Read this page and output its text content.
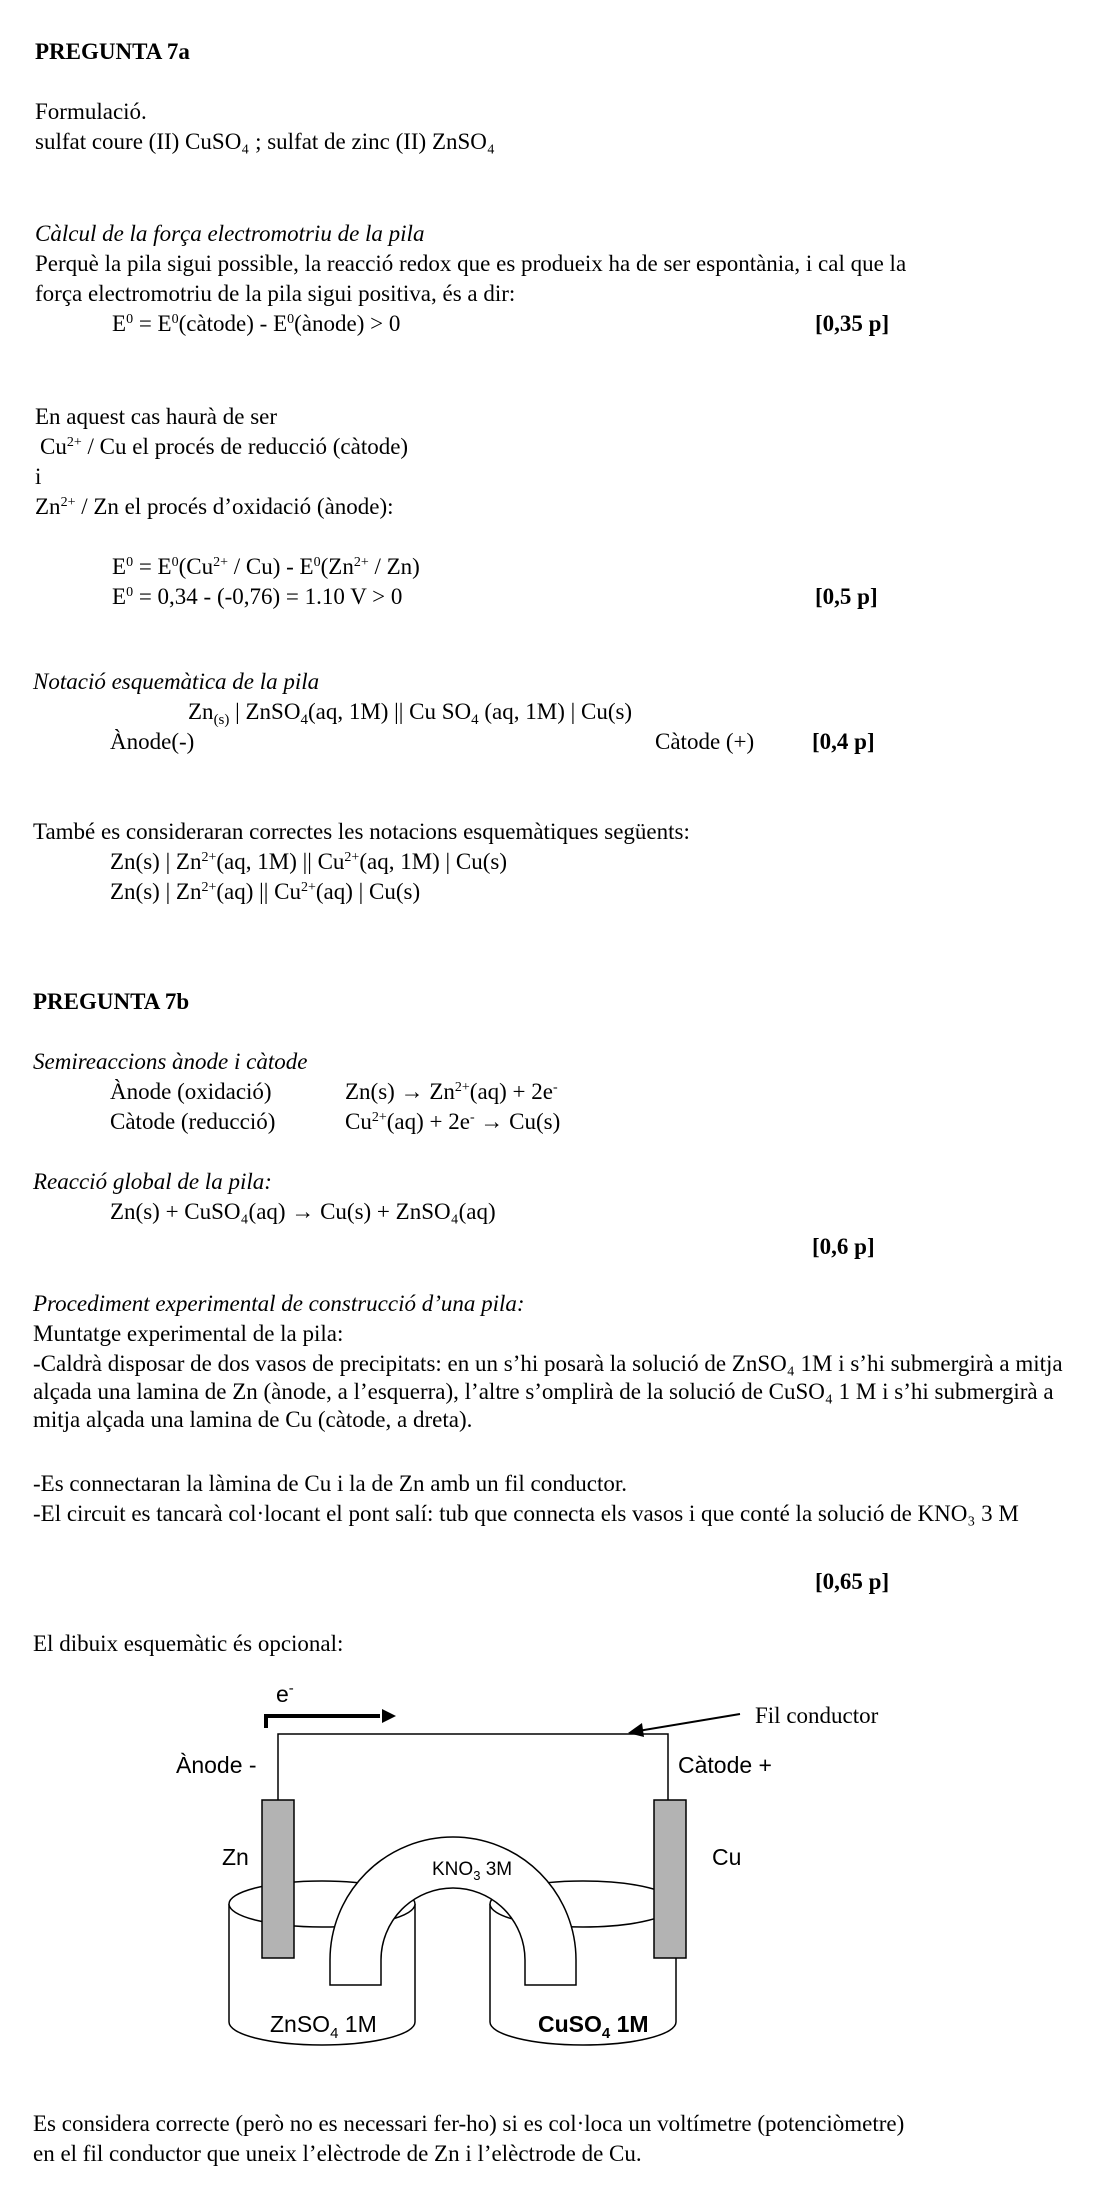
PREGUNTA 7a
Formulació.
sulfat coure (II) CuSO₄ ; sulfat de zinc (II) ZnSO₄
Càlcul de la força electromotriu de la pila
Perquè la pila sigui possible, la reacció redox que es produeix ha de ser espontània, i cal que la
força electromotriu de la pila sigui positiva, és a dir:
$E^0$ = $E^0(càtode)$ - $E^0(ànode) > 0$	[0,35 p]
En aquest cas haurà de ser
$Cu^{2+}$ / Cu el procés de reducció (càtode)
i
$Zn^{2+}$ / Zn el procés d’oxidació (ànode):
$E^0 = E^0(Cu^{2+} / Cu) - E^0(Zn^{2+} / Zn)$
$E^0 = 0,34 - (-0,76) = 1.10$ V > 0	[0,5 p]
Notació esquemàtica de la pila
$Zn_{(s)}$ | ZnSO$_4$(aq, 1M) || Cu $SO_4$ (aq, 1M) | Cu(s)
Ànode(-)	Càtode (+)	[0,4 p]
També es consideraran correctes les notacions esquemàtiques següents:
Zn(s) | $Zn^{2+}(aq$, 1M) || $Cu^{2+}(aq$, 1M) | Cu(s)
Zn(s) | $Zn^{2+}(aq)$ || $Cu^{2+}(aq)$ | Cu(s)
PREGUNTA 7b
Semireaccions ànode i càtode
Ànode (oxidació)	$Zn(s) \to Zn^{2+}(aq) + 2e^-$
Càtode (reducció)	$Cu^{2+}(aq) + 2e^- \to Cu(s)$
Reacció global de la pila:
Zn(s) + CuSO₄(aq) → Cu(s) + ZnSO₄(aq)
[0,6 p]
Procediment experimental de construcció d’una pila:
Muntatge experimental de la pila:
-Caldrà disposar de dos vasos de precipitats: en un s’hi posarà la solució de ZnSO₄ 1M i s’hi submergirà a mitja alçada una lamina de Zn (ànode, a l’esquerra), l’altre s’omplirà de la solució de CuSO₄ 1 M i s’hi submergirà a mitja alçada una lamina de Cu (càtode, a dreta).
-Es connectaran la làmina de Cu i la de Zn amb un fil conductor.
-El circuit es tancarà col·locant el pont salí: tub que connecta els vasos i que conté la solució de KNO₃ 3 M
[0,65 p]
El dibuix esquemàtic és opcional:
e-
Fil conductor
Ànode -	Càtode +
Zn	Cu
$KNO_3$ 3M
ZnSO$_4$ 1M	CuSO$_4$ 1M
Es considera correcte (però no es necessari fer-ho) si es col·loca un voltímetre (potenciòmetre)
en el fil conductor que uneix l’elèctrode de Zn i l’elèctrode de Cu.
